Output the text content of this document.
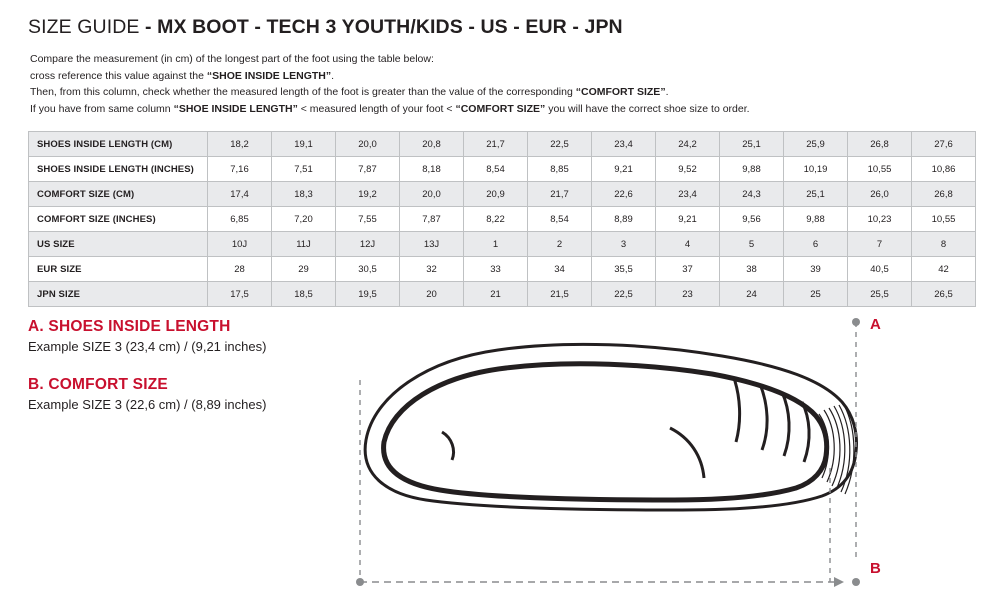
SIZE GUIDE - MX BOOT - TECH 3 YOUTH/KIDS - US - EUR - JPN
Compare the measurement (in cm) of the longest part of the foot using the table below:
cross reference this value against the “SHOE INSIDE LENGTH”.
Then, from this column, check whether the measured length of the foot is greater than the value of the corresponding “COMFORT SIZE”.
If you have from same column “SHOE INSIDE LENGTH” < measured length of your foot < “COMFORT SIZE” you will have the correct shoe size to order.
SHOES INSIDE LENGTH (CM)	18,2	19,1	20,0	20,8	21,7	22,5	23,4	24,2	25,1	25,9	26,8	27,6
SHOES INSIDE LENGTH (INCHES)	7,16	7,51	7,87	8,18	8,54	8,85	9,21	9,52	9,88	10,19	10,55	10,86
COMFORT SIZE (CM)	17,4	18,3	19,2	20,0	20,9	21,7	22,6	23,4	24,3	25,1	26,0	26,8
COMFORT SIZE (INCHES)	6,85	7,20	7,55	7,87	8,22	8,54	8,89	9,21	9,56	9,88	10,23	10,55
US SIZE	10J	11J	12J	13J	1	2	3	4	5	6	7	8
EUR SIZE	28	29	30,5	32	33	34	35,5	37	38	39	40,5	42
JPN SIZE	17,5	18,5	19,5	20	21	21,5	22,5	23	24	25	25,5	26,5
A. SHOES INSIDE LENGTH
Example SIZE 3 (23,4 cm) / (9,21 inches)
B. COMFORT SIZE
Example SIZE 3 (22,6 cm) / (8,89 inches)
A
B
